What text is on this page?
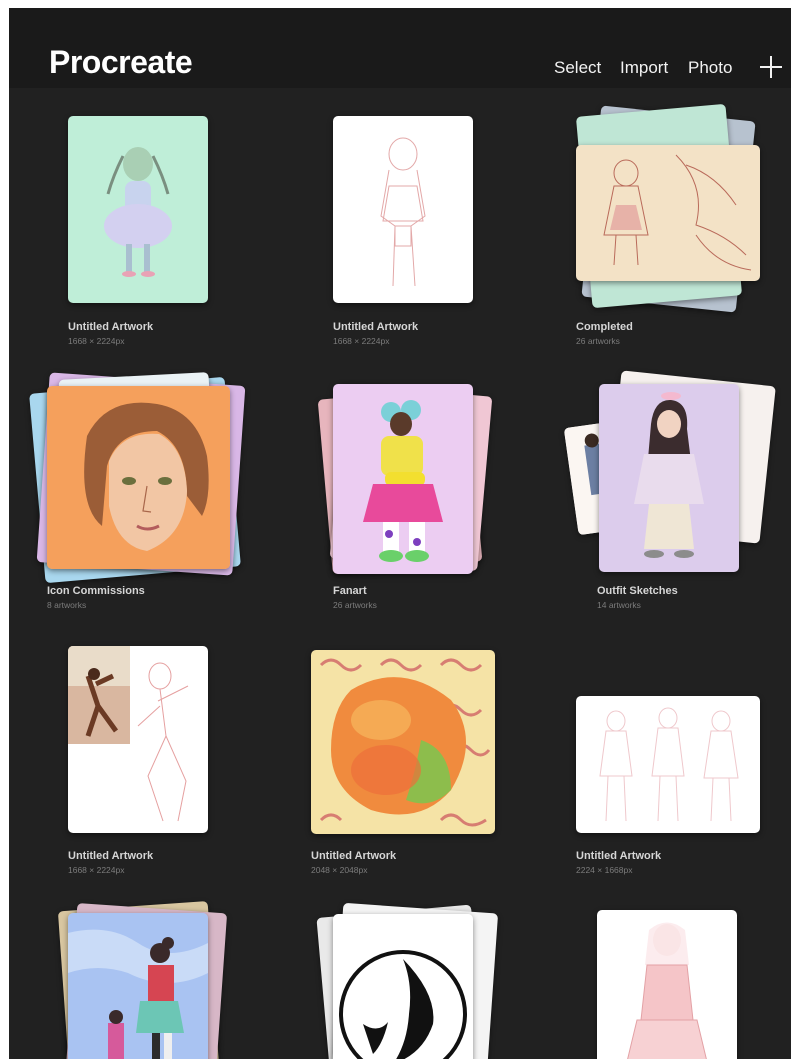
Procreate	Select Import Photo
Untitled Artwork
1668 × 2224px
Untitled Artwork
1668 × 2224px
Completed
26 artworks
Icon Commissions
8 artworks
Fanart
26 artworks
Outfit Sketches
14 artworks
Untitled Artwork
1668 × 2224px
Untitled Artwork
2048 × 2048px
Untitled Artwork
2224 × 1668px
